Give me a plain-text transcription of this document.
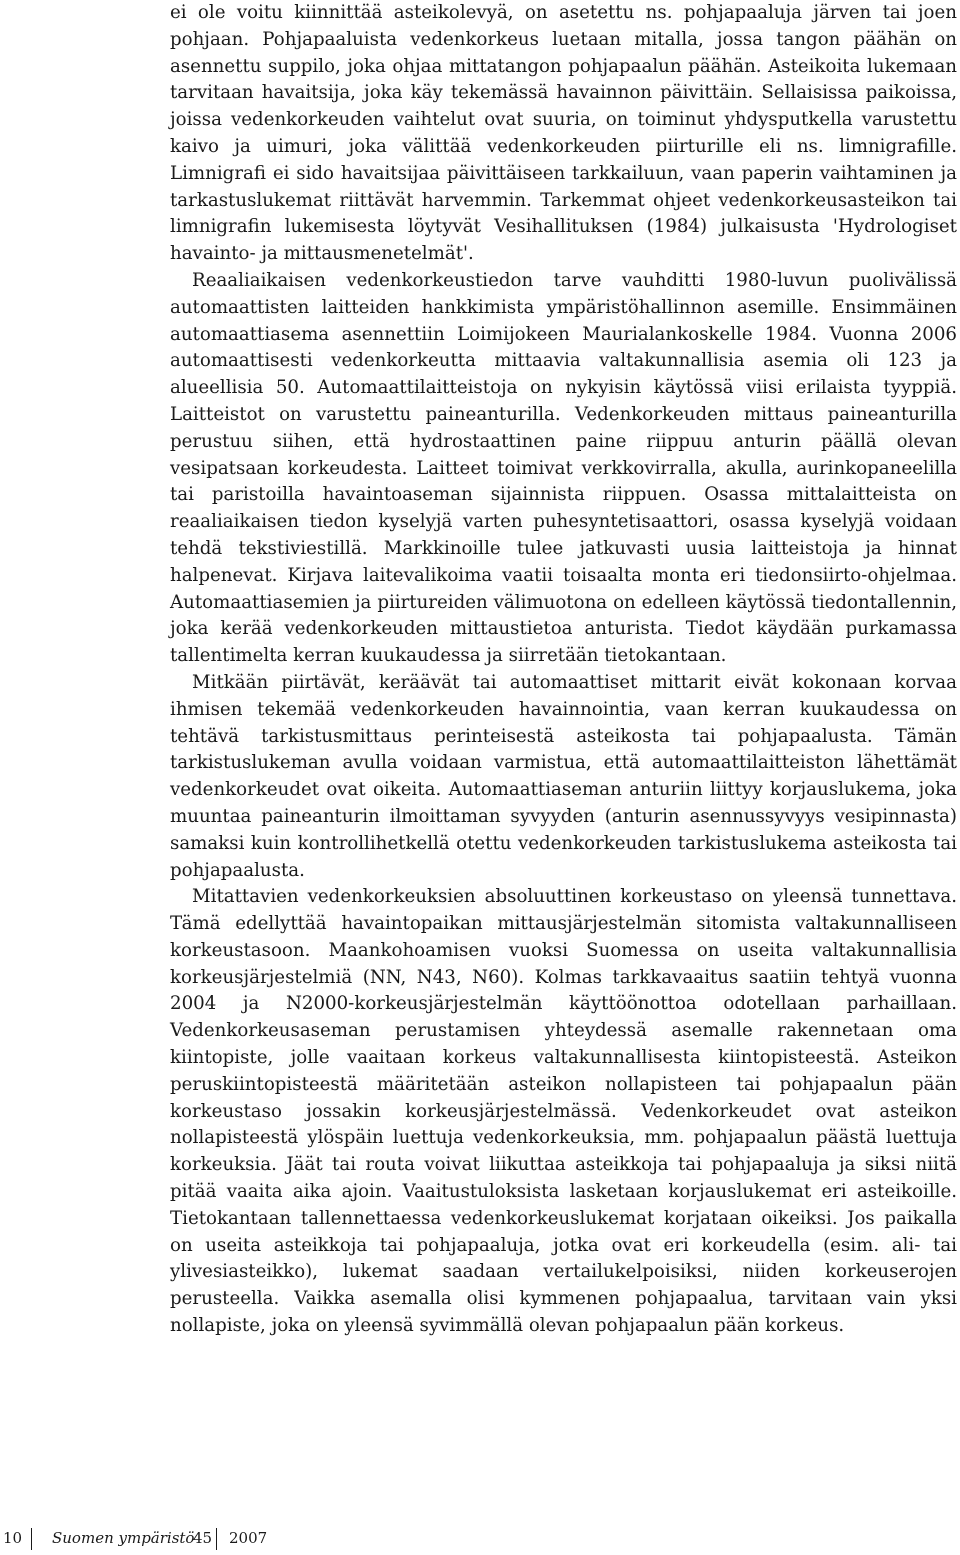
ei ole voitu kiinnittää asteikolevyä, on asetettu ns. pohjapaaluja järven tai joen pohjaan. Pohjapaaluista vedenkorkeus luetaan mitalla, jossa tangon päähän on asennettu suppilo, joka ohjaa mittatangon pohjapaalun päähän. Asteikoita lukemaan tarvitaan havaitsija, joka käy tekemässä havainnon päivittäin. Sellaisissa paikoissa, joissa vedenkorkeuden vaihtelut ovat suuria, on toiminut yhdysputkella varustettu kaivo ja uimuri, joka välittää vedenkorkeuden piirturille eli ns. limnigrafille. Limnigrafi ei sido havaitsijaa päivittäiseen tarkkailuun, vaan paperin vaihtaminen ja tarkastuslukemat riittävät harvemmin. Tarkemmat ohjeet vedenkorkeusasteikon tai limnigrafin lukemisesta löytyvät Vesihallituksen (1984) julkaisusta 'Hydrologiset havainto- ja mittausmenetelmät'.

Reaaliaikaisen vedenkorkeustiedon tarve vauhditti 1980-luvun puolivälissä automaattisten laitteiden hankkimista ympäristöhallinnon asemille. Ensimmäinen automaattiasema asennettiin Loimijokeen Maurialankoskelle 1984. Vuonna 2006 automaattisesti vedenkorkeutta mittaavia valtakunnallisia asemia oli 123 ja alueellisia 50. Automaattilaitteistoja on nykyisin käytössä viisi erilaista tyyppiä. Laitteistot on varustettu paineanturilla. Vedenkorkeuden mittaus paineanturilla perustuu siihen, että hydrostaattinen paine riippuu anturin päällä olevan vesipatsaan korkeudesta. Laitteet toimivat verkkovirralla, akulla, aurinkopaneelilla tai paristoilla havaintoaseman sijainnista riippuen. Osassa mittalaitteista on reaaliaikaisen tiedon kyselyjä varten puhesyntetisaattori, osassa kyselyjä voidaan tehdä tekstiviestillä. Markkinoille tulee jatkuvasti uusia laitteistoja ja hinnat halpenevat. Kirjava laitevalikoima vaatii toisaalta monta eri tiedonsiirto-ohjelmaa. Automaattiasemien ja piirtureiden välimuotona on edelleen käytössä tiedontallennin, joka kerää vedenkorkeuden mittaustietoa anturista. Tiedot käydään purkamassa tallentimelta kerran kuukaudessa ja siirretään tietokantaan.

Mitkään piirtävät, keräävät tai automaattiset mittarit eivät kokonaan korvaa ihmisen tekemää vedenkorkeuden havainnointia, vaan kerran kuukaudessa on tehtävä tarkistusmittaus perinteisestä asteikosta tai pohjapaalusta. Tämän tarkistuslukeman avulla voidaan varmistua, että automaattilaitteiston lähettämät vedenkorkeudet ovat oikeita. Automaattiaseman anturiin liittyy korjauslukema, joka muuntaa paineanturin ilmoittaman syvyyden (anturin asennussyvyys vesipinnasta) samaksi kuin kontrollihetkellä otettu vedenkorkeuden tarkistuslukema asteikosta tai pohjapaalusta.

Mitattavien vedenkorkeuksien absoluuttinen korkeustaso on yleensä tunnettava. Tämä edellyttää havaintopaikan mittausjärjestelmän sitomista valtakunnalliseen korkeustasoon. Maankohoamisen vuoksi Suomessa on useita valtakunnallisia korkeusjärjestelmiä (NN, N43, N60). Kolmas tarkkavaaitus saatiin tehtyä vuonna 2004 ja N2000-korkeusjärjestelmän käyttöönottoa odotellaan parhaillaan. Vedenkorkeusaseman perustamisen yhteydessä asemalle rakennetaan oma kiintopiste, jolle vaaitaan korkeus valtakunnallisesta kiintopisteestä. Asteikon peruskiintopisteestä määritetään asteikon nollapisteen tai pohjapaalun pään korkeustaso jossakin korkeusjärjestelmässä. Vedenkorkeudet ovat asteikon nollapisteestä ylöspäin luettuja vedenkorkeuksia, mm. pohjapaalun päästä luettuja korkeuksia. Jäät tai routa voivat liikuttaa asteikkoja tai pohjapaaluja ja siksi niitä pitää vaaita aika ajoin. Vaaitustuloksista lasketaan korjauslukemat eri asteikoille. Tietokantaan tallennettaessa vedenkorkeuslukemat korjataan oikeiksi. Jos paikalla on useita asteikkoja tai pohjapaaluja, jotka ovat eri korkeudella (esim. ali- tai ylivesiasteikko), lukemat saadaan vertailukelpoisiksi, niiden korkeuserojen perusteella. Vaikka asemalla olisi kymmenen pohjapaalua, tarvitaan vain yksi nollapiste, joka on yleensä syvimmällä olevan pohjapaalun pään korkeus.

10 Suomen ympäristö
45 2007
